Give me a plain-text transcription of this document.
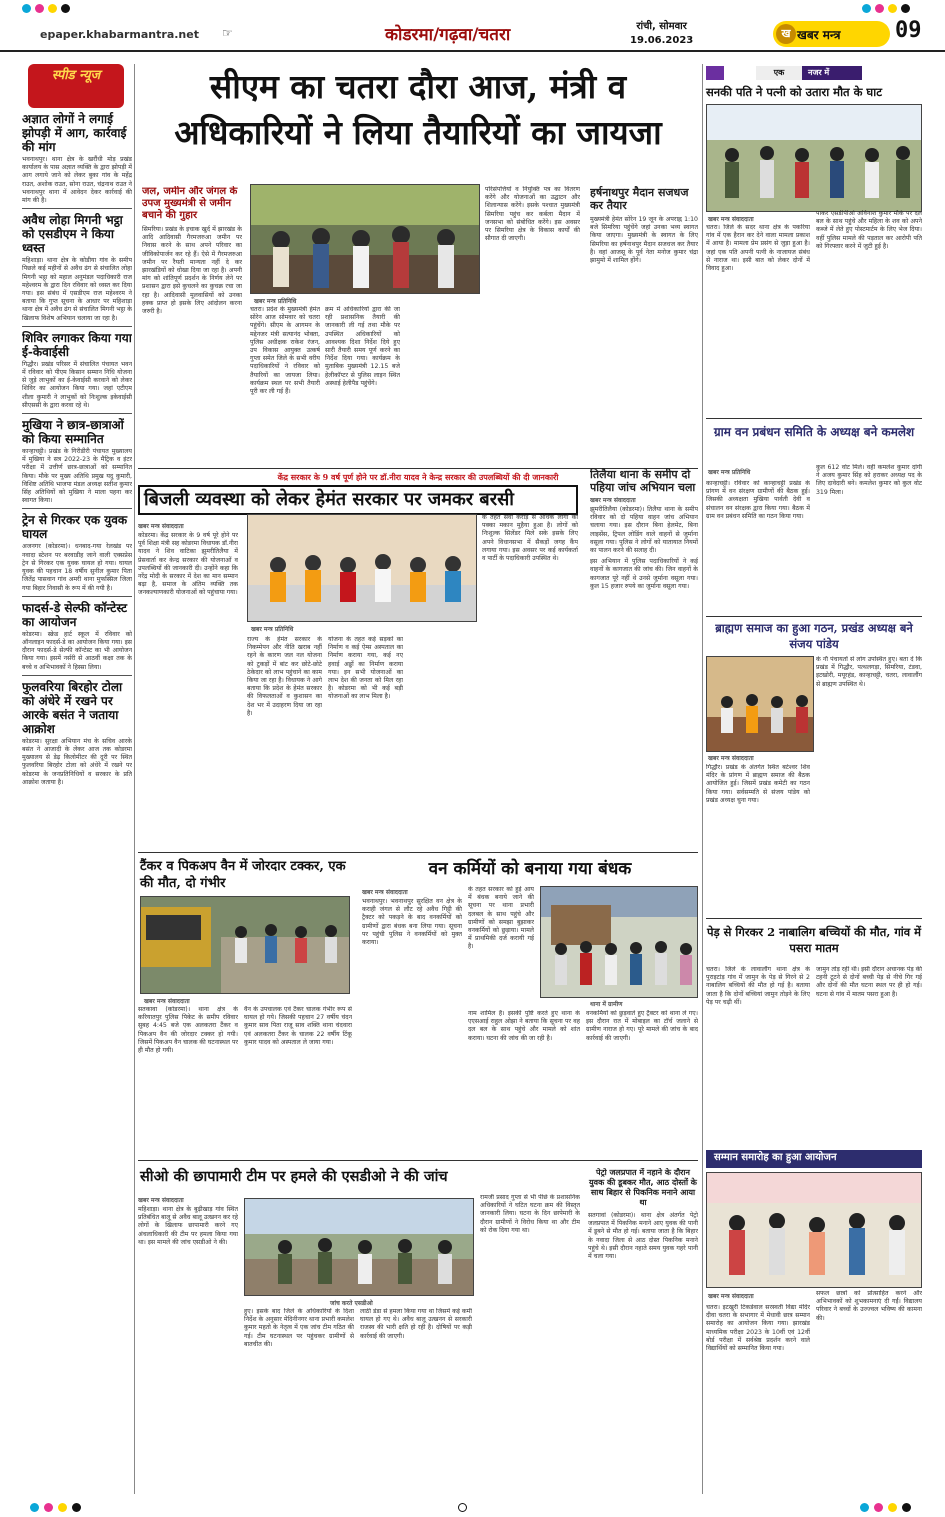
epaper.khabarmantra.net ☞	कोडरमा/गढ़वा/चतरा	रांची, सोमवार
19.06.2023
ख खबर मन्त्र	09
स्पीड न्यूज
अज्ञात लोगों ने लगाई झोपड़ी में आग, कार्रवाई की मांग
भवनाथपुर। थाना क्षेत्र के खरौंधी मोड़ प्रखंड कार्यालय के पास अज्ञात व्यक्ति के द्वारा झोपड़ी में आग लगाये जाने को लेकर बुका गांव के महेंद्र राउत, अशोक राउत, सोना राउत, चंद्रनाथ राउत ने भवनाथपुर थाना में आवेदन देकर कार्रवाई की मांग की है।
अवैध लोहा मिगनी भट्ठा को एसडीएम ने किया ध्वस्त
महिशाड़ा। थाना क्षेत्र के कोडीया गांव के समीप पिछले कई महीनों से अवैध ढंग से संचालित लोहा मिगनी भट्ठा को महाल अनुमंडल पदाधिकारी राज महेश्वरम के द्वारा दिन रविवार को ध्वस्त कर दिया गया। इस संबंध में एसडीएम राज महेश्वरम ने बताया कि गुप्त सूचना के आधार पर महिशाड़ा थाना क्षेत्र में अवैध ढंग से संचालित मिगनी भट्ठा के खिलाफ विशेष अभियान चलाया जा रहा है।
शिविर लगाकर किया गया ई-केवाईसी
गिद्धौर। प्रखंड परिसर में संचालित पंचायत भवन में रविवार को पीएम किसान सम्मान निधि योजना से जुड़े लाभुकों का ई-केवाईसी करवाने को लेकर शिविर का आयोजन किया गया। जहां एटीएम शीला कुमारी ने लाभुकों को निःशुल्क इकेवाईसी सीएससी के द्वारा करवा रहे थे।
मुखिया ने छात्र-छात्राओं को किया सम्मानित
कान्हाचट्टी। प्रखंड के गिरीडीरी पंचायत मुख्यालय में मुखिया ने सत्र 2022-23 के मैट्रिक व इंटर परीक्षा में उत्तीर्ण छात्र-छात्राओं को सम्मानित किया। मौके पर मुख्य अतिथि प्रमुख यदु कुमारी, विशिष्ट अतिथि भाजपा मंडल अध्यक्ष सतीश कुमार सिंह अतिथियों को मुखिया ने माला पहना कर स्वागत किया।
ट्रेन से गिरकर एक युवक घायल
अजनगर (कोडरमा)। धनबाद-गया रेलखंड पर नवादा स्टेशन पर बरवाडीह जाने वाली एक्सप्रेस ट्रेन से गिरकर एक युवक घायल हो गया। घायल युवक की पहचान 18 वर्षीय सुनील कुमार पिता जितेंद्र पासवान गांव अमरी थाना मुफस्सिल जिला गया बिहार निवासी के रूप में की गयी है।
फादर्स-डे सेल्फी कॉन्टेस्ट का आयोजन
कोडरमा। स्क्रेड हार्ट स्कूल में रविवार को ऑनलाइन फादर्स-डे का आयोजन किया गया। इस दौरान फादर्स-डे सेल्फी कॉन्टेस्ट का भी आयोजन किया गया। इसमें नर्सरी से आठवीं कक्षा तक के बच्चे व अभिभावकों ने हिस्सा लिया।
फुलवरिया बिरहोर टोला को अंधेरे में रखने पर आरके बसंत ने जताया आक्रोश
कोडरमा। सुरक्षा अभियान मंच के सचिव आरके बसंत ने आजादी के लेकर आज तक कोडरमा मुख्यालय से डेढ़ किलोमीटर की दूरी पर स्थित फुलवरिया बिरहोर टोला को अंधेरे में रखने पर कोडरमा के जनप्रतिनिधियों व सरकार के प्रति आक्रोश जताया है।
सीएम का चतरा दौरा आज, मंत्री व अधिकारियों ने लिया तैयारियों का जायजा
जल, जमीन और जंगल के उपज मुख्यमंत्री से जमीन बचाने की गुहार
सिमरिया। प्रखंड के इचाक खुर्द में झारखंड के आदि आदिवासी गैरमजरुआ जमीन पर निवास करने के साथ अपने परिवार का जीविकोपार्जन कर रहे हैं। ऐसे में गैरमजरुआ जमीन पर रैयती मान्यता नहीं दे कर झारखंडियों को धोखा दिया जा रहा है। अपनी मांग को शांतिपूर्ण प्रदर्शन के निर्णय लेने पर प्रशासन द्वारा इसे कुचलने का कुचक्र रचा जा रहा है। आदिवासी मूलवासियों को उनका हक्क प्राप्त हो इसके लिए आंदोलन करना जरुरी है।
खबर मन्त्र प्रतिनिधि
चतरा। प्रदेश के मुख्यमंत्री हेमंत सोरेन आज सोमवार को चतरा पहुंचेंगे। सीएम के आगमन के मद्देनजर मंत्री सत्यानंद भोक्ता, पुलिस अधीक्षक राकेश रंजन, उप विकास आयुक्त उत्कर्ष गुप्ता समेत जिले के सभी वरीय पदाधिकारियों ने रविवार को तैयारियों का जायजा लिया। कार्यक्रम स्थल पर सभी तैयारी पूरी कर ली गई हैं।
क्रम में अधिकारियों द्वारा की जा रही प्रशासनिक तैयारी की जानकारी ली गई तथा मौके पर उपस्थित अधिकारियों को आवश्यक दिशा निर्देश दिये हुए सारी तैयारी समय पूर्ण करने का निर्देश दिया गया। कार्यक्रम के मुताबिक मुख्यमंत्री 12.15 बजे हेलीकॉप्टर से पुलिस लाइन स्थित अस्थाई हेलीपैड पहुंचेंगे।
परिसंपत्तियों व नियुक्ति पत्र का वितरण करेंगे और योजनाओं का उद्घाटन और शिलान्यास करेंगे। इसके पश्चात मुख्यमंत्री सिमरिया पहुंच कर कर्बला मैदान में जनसभा को संबोधित करेंगे। इस अवसर पर सिमरिया क्षेत्र के विकास कार्यों की सौगात दी जाएगी।
हर्षनाथपुर मैदान सजधज कर तैयार
मुख्यमंत्री हेमंत सोरेन 19 जून के अपराह्न 1:10 बजे सिमरिया पहुंचेंगे जहां उनका भव्य स्वागत किया जाएगा। मुख्यमंत्री के स्वागत के लिए सिमरिया का हर्षनाथपुर मैदान सजधज कर तैयार है। वहां आजसू के पूर्व नेता मनोज कुमार चंद्रा झामुमो में शामिल होंगे।
केंद्र सरकार के 9 वर्ष पूर्ण होने पर डॉ.नीरा यादव ने केन्द्र सरकार की उपलब्धियों की दी जानकारी
बिजली व्यवस्था को लेकर हेमंत सरकार पर जमकर बरसी
खबर मन्त्र संवाददाता
कोडरमा। केंद्र सरकार के 9 वर्ष पूरे होने पर पूर्व शिक्षा मंत्री सह कोडरमा विधायक डॉ.नीरा यादव ने शिव वाटिका झुमरीतिलैया में प्रेसवार्ता कर केन्द्र सरकार की योजनाओं व उपलब्धियों की जानकारी दी। उन्होंने कहा कि नरेंद्र मोदी के सरकार में देश का मान सम्मान बढ़ा है, समाज के अंतिम व्यक्ति तक जनकल्याणकारी योजनाओं को पहुंचाया गया।
खबर मन्त्र प्रतिनिधि
राज्य के हेमंत सरकार के निकम्मेपन और नीति खराब नहीं रहने के कारण जल नल योजना को टुकड़ों में बांट कर छोटे-छोटे ठेकेदार को लाभ पहुंचाने का काम किया जा रहा है। विधायक ने आगे बताया कि प्रदेश के हेमंत सरकार की विफलताओं व कुशासन का देश भर में उदाहरण दिया जा रहा है।
योजना के तहत कई सड़कों का निर्माण व कई ऐम्स अस्पताल का निर्माण कराया गया, कई नए हवाई अड्डों का निर्माण कराया गया। इन सभी योजनाओं का लाभ देश की जनता को मिल रहा है। कोडरमा को भी कई बड़ी योजनाओं का लाभ मिला है।
के तहत सवा करोड़ से अधिक लोगों को पक्का मकान मुहैया हुआ है। लोगों को निःशुल्क सिलेंडर मिले सके इसके लिए अपने विधानसभा में सैकड़ों जगह कैंप लगाया गया। इस अवसर पर कई कार्यकर्ता व पार्टी के पदाधिकारी उपस्थित थे।
तिलैया थाना के समीप दो पहिया जांच अभियान चला
खबर मन्त्र संवाददाता
झुमरीतिलैया (कोडरमा)। तिलैया थाना के समीप रविवार को दो पहिया वाहन जांच अभियान चलाया गया। इस दौरान बिना हेलमेट, बिना लाइसेंस, ट्रिपल लोडिंग वाले वाहनों से जुर्माना वसूला गया। पुलिस ने लोगों को यातायात नियमों का पालन करने की सलाह दी।
इस अभियान में पुलिस पदाधिकारियों ने कई वाहनों के कागजात की जांच की। जिन वाहनों के कागजात पूरे नहीं थे उनसे जुर्माना वसूला गया। कुल 15 हजार रुपये का जुर्माना वसूला गया।
टैंकर व पिकअप वैन में जोरदार टक्कर, एक की मौत, दो गंभीर
खबर मन्त्र संवाददाता
सतकावा (कोडरमा)। थाना क्षेत्र के करियातपुर पुलिस पिकेट के समीप रविवार सुबह 4:45 बजे एक अलकतरा टैंकर व पिकअप वैन की जोरदार टक्कर हो गयी। जिसमें पिकअप वैन चालक की घटनास्थल पर ही मौत हो गयी।
वैन के उपचालक एवं टैंकर चालक गंभीर रूप से घायल हो गये। जिसकी पहचान 27 वर्षीय चंदन कुमार साव पिता राजू साव शक्ति थाना चंदवारा एवं अलकतरा टैंकर के चालक 22 वर्षीय टिंकू कुमार यादव को अस्पताल ले जाया गया।
वन कर्मियों को बनाया गया बंधक
खबर मन्त्र संवाददाता
भवनाथपुर। भवनाथपुर सुरक्षित वन क्षेत्र के कराही जंगल से लौट रहे अवैध गिट्टी की ट्रैक्टर को पकड़ने के बाद वनकर्मियों को ग्रामीणों द्वारा बंधक बना लिया गया। सूचना पर पहुंची पुलिस ने वनकर्मियों को मुक्त कराया।
के तहत सरकार को हुई आय में बंधक बनाये जाने की सूचना पर थाना प्रभारी दलबल के साथ पहुंचे और ग्रामीणों को समझा बुझाकर वनकर्मियों को छुड़ाया। मामले में प्राथमिकी दर्ज करायी गई है।
थाना में ग्रामीण
नाम शामिल है। इसकी पुष्टि करते हुए थाना के एएसआई राहुल ओझा ने बताया कि सूचना पर वह दल बल के साथ पहुंचे और मामले को शांत कराया। घटना की जांच की जा रही है।
वनकर्मियों को छुड़वाते हुए ट्रैक्टर को थाना ले गए। इस दौरान रात में मोबाइल का टॉर्च जलाने से ग्रामीण नाराज हो गए। पूरे मामले की जांच के बाद कार्रवाई की जाएगी।
सीओ की छापामारी टीम पर हमले की एसडीओ ने की जांच
खबर मन्त्र संवाददाता
महिशाड़ा। थाना क्षेत्र के बुढ़ीखाड़ गांव स्थित प्रतिबंधित बालू से अवैध बालू उत्खनन कर रहे लोगों के खिलाफ छापामारी करने गए अंचलाधिकारी की टीम पर हमला किया गया था। इस मामले की जांच एसडीओ ने की।
जांच करते एसडीओ
हुए। इसके बाद जिले के अधिकारियों के दिशा निर्देश के अनुसार मेदिनीनगर थाना प्रभारी कमलेश कुमार महतो के नेतृत्व में एक जांच टीम गठित की गई। टीम घटनास्थल पर पहुंचकर ग्रामीणों से बातचीत की।
लाठी डंडा से हमला किया गया था जिसमें कई कर्मी घायल हो गए थे। अवैध बालू उत्खनन से सरकारी राजस्व की भारी क्षति हो रही है। दोषियों पर कड़ी कार्रवाई की जाएगी।
रामजी प्रसाद गुप्ता से भी पीछे के प्रशासनिक अधिकारियों ने घटित घटना क्रम की विस्तृत जानकारी लिया। घटना के दिन छापेमारी के दौरान ग्रामीणों ने विरोध किया था और टीम को रोक दिया गया था।
पेट्रो जलप्रपात में नहाने के दौरान युवक की डूबकर मौत, आठ दोस्तों के साथ बिहार से पिकनिक मनाने आया था
सतगावां (कोडरमा)। थाना क्षेत्र अंतर्गत पेट्रो जलप्रपात में पिकनिक मनाने आए युवक की पानी में डूबने से मौत हो गई। बताया जाता है कि बिहार के नवादा जिला से आठ दोस्त पिकनिक मनाने पहुंचे थे। इसी दौरान नहाते समय युवक गहरे पानी में चला गया।
एक	नजर में
सनकी पति ने पत्नी को उतारा मौत के घाट
खबर मन्त्र संवाददाता
चतरा। जिले के सदर थाना क्षेत्र के पकरिया गांव में एक हैरान कर देने वाला मामला प्रकाश में आया है। मामला प्रेम प्रसंग से जुड़ा हुआ है। जहां एक पति अपनी पत्नी के नाजायज संबंध से नाराज था। इसी बात को लेकर दोनों में विवाद हुआ।
पाकर एसडीपीओ अविनाश कुमार मौके पर दल बल के साथ पहुंचे और महिला के शव को अपने कब्जे में लेते हुए पोस्टमार्टम के लिए भेज दिया। वहीं पुलिस मामले की पड़ताल कर आरोपी पति को गिरफ्तार करने में जुटी हुई है।
ग्राम वन प्रबंधन समिति के अध्यक्ष बने कमलेश
खबर मन्त्र प्रतिनिधि
कान्हाचट्टी। रविवार को कान्हाचट्टी प्रखंड के प्रांगण में वन संरक्षण ग्रामीणों की बैठक हुई। जिसकी अध्यक्षता मुखिया पार्वती देवी व संचालन वन संरक्षक द्वारा किया गया। बैठक में ग्राम वन प्रबंधन समिति का गठन किया गया।
कुल 612 वोट मिले। वहीं कमलेश कुमार दांगी ने अजय कुमार सिंह को हराकर अध्यक्ष पद के लिए दावेदारी बने। कमलेश कुमार को कुल वोट 319 मिला।
ब्राह्मण समाज का हुआ गठन, प्रखंड अध्यक्ष बने संजय पांडेय
खबर मन्त्र संवाददाता
गिद्धौर। प्रखंड के अंतर्गत स्थित बटेश्वर शिव मंदिर के प्रांगण में ब्राह्मण समाज की बैठक आयोजित हुई। जिसमें प्रखंड कमेटी का गठन किया गया। सर्वसम्मति से संजय पांडेय को प्रखंड अध्यक्ष चुना गया।
के नौ पंचायतों से लोग उपस्थित हुए। बता दें कि प्रखंड में गिद्धौर, पत्थलगड़ा, सिमरिया, टंडवा, इटखोरी, मयूरहंड, कान्हाचट्टी, चतरा, लावालौंग से ब्राह्मण उपस्थित थे।
पेड़ से गिरकर 2 नाबालिग बच्चियों की मौत, गांव में पसरा मातम
चतरा। जिले के लावालौंग थाना क्षेत्र के पुराइटांड़ गांव में जामुन के पेड़ से गिरने से 2 नाबालिग बच्चियों की मौत हो गई है। बताया जाता है कि दोनों बच्चियां जामुन तोड़ने के लिए पेड़ पर चढ़ी थीं।
जामुन तोड़ रही थी। इसी दौरान अचानक पेड़ की टहनी टूटने से दोनों बच्ची पेड़ से नीचे गिर गई और दोनों की मौत घटना स्थल पर ही हो गई। घटना से गांव में मातम पसरा हुआ है।
सम्मान समारोह का हुआ आयोजन
खबर मन्त्र संवाददाता
चतरा। इटखुरी टिकडेवाल सरस्वती विद्या मंदिर दीवा चतरा के सभागार में मेधावी छात्र सम्मान समारोह का आयोजन किया गया। झारखंड माध्यमिक परीक्षा 2023 के 10वीं एवं 12वीं बोर्ड परीक्षा में सर्वश्रेष्ठ प्रदर्शन करने वाले विद्यार्थियों को सम्मानित किया गया।
सफल छात्रों को प्रोत्साहित करने और अभिभावकों को शुभकामनाएं दी गईं। विद्यालय परिवार ने बच्चों के उज्ज्वल भविष्य की कामना की।
